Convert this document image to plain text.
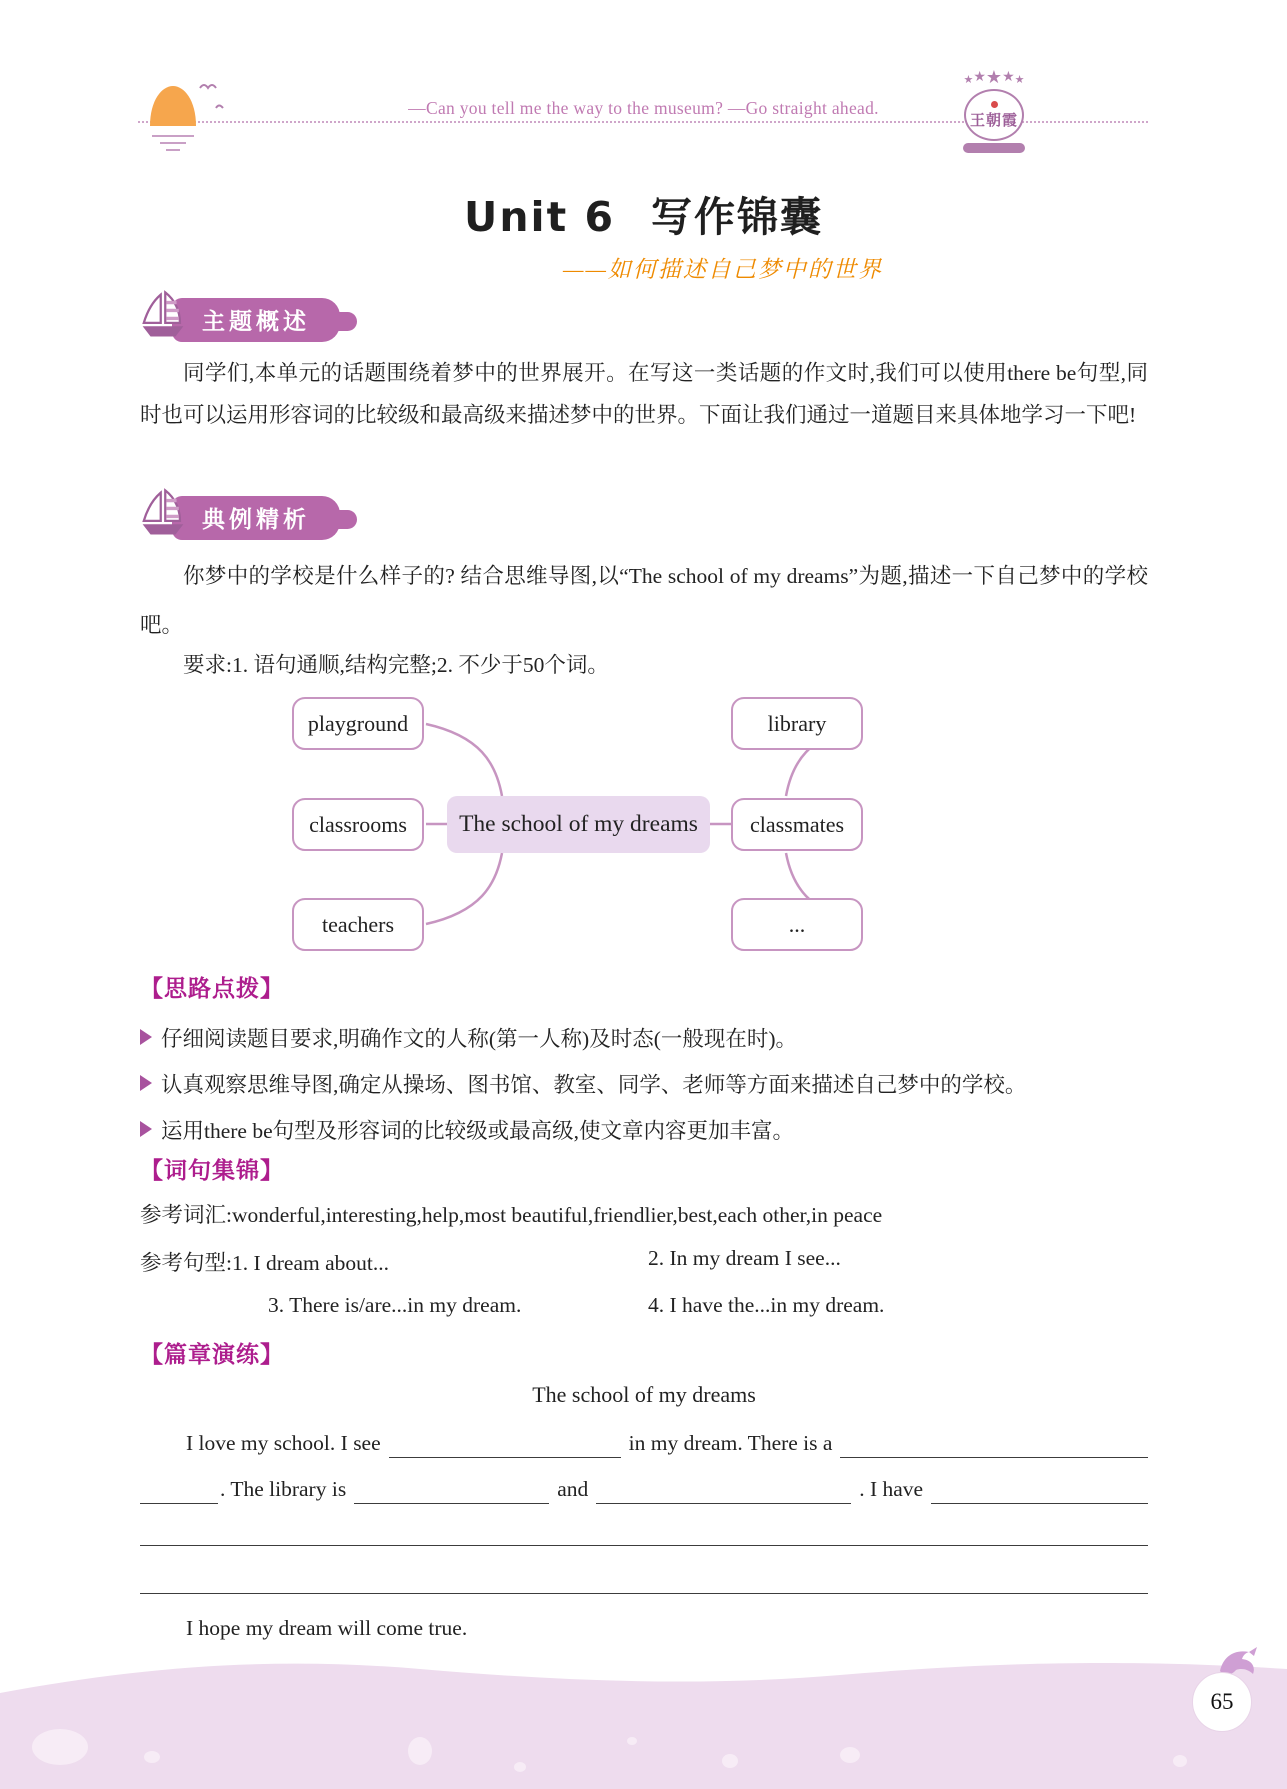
—Can you tell me the way to the museum? —Go straight ahead.
★ ★ ★ ★ ★
王朝霞
Unit 6 写作锦囊
——如何描述自己梦中的世界
主题概述
同学们,本单元的话题围绕着梦中的世界展开。在写这一类话题的作文时,我们可以使用there be句型,同时也可以运用形容词的比较级和最高级来描述梦中的世界。下面让我们通过一道题目来具体地学习一下吧!
典例精析
你梦中的学校是什么样子的? 结合思维导图,以“The school of my dreams”为题,描述一下自己梦中的学校吧。
要求:1. 语句通顺,结构完整;2. 不少于50个词。
playground
classrooms
teachers
The school of my dreams
library
classmates
...
【思路点拨】
仔细阅读题目要求,明确作文的人称(第一人称)及时态(一般现在时)。
认真观察思维导图,确定从操场、图书馆、教室、同学、老师等方面来描述自己梦中的学校。
运用there be句型及形容词的比较级或最高级,使文章内容更加丰富。
【词句集锦】
参考词汇:wonderful,interesting,help,most beautiful,friendlier,best,each other,in peace
参考句型:1. I dream about...	2. In my dream I see...
3. There is/are...in my dream.	4. I have the...in my dream.
【篇章演练】
The school of my dreams
I love my school. I see	in my dream. There is a
. The library is	and	. I have
I hope my dream will come true.
65
